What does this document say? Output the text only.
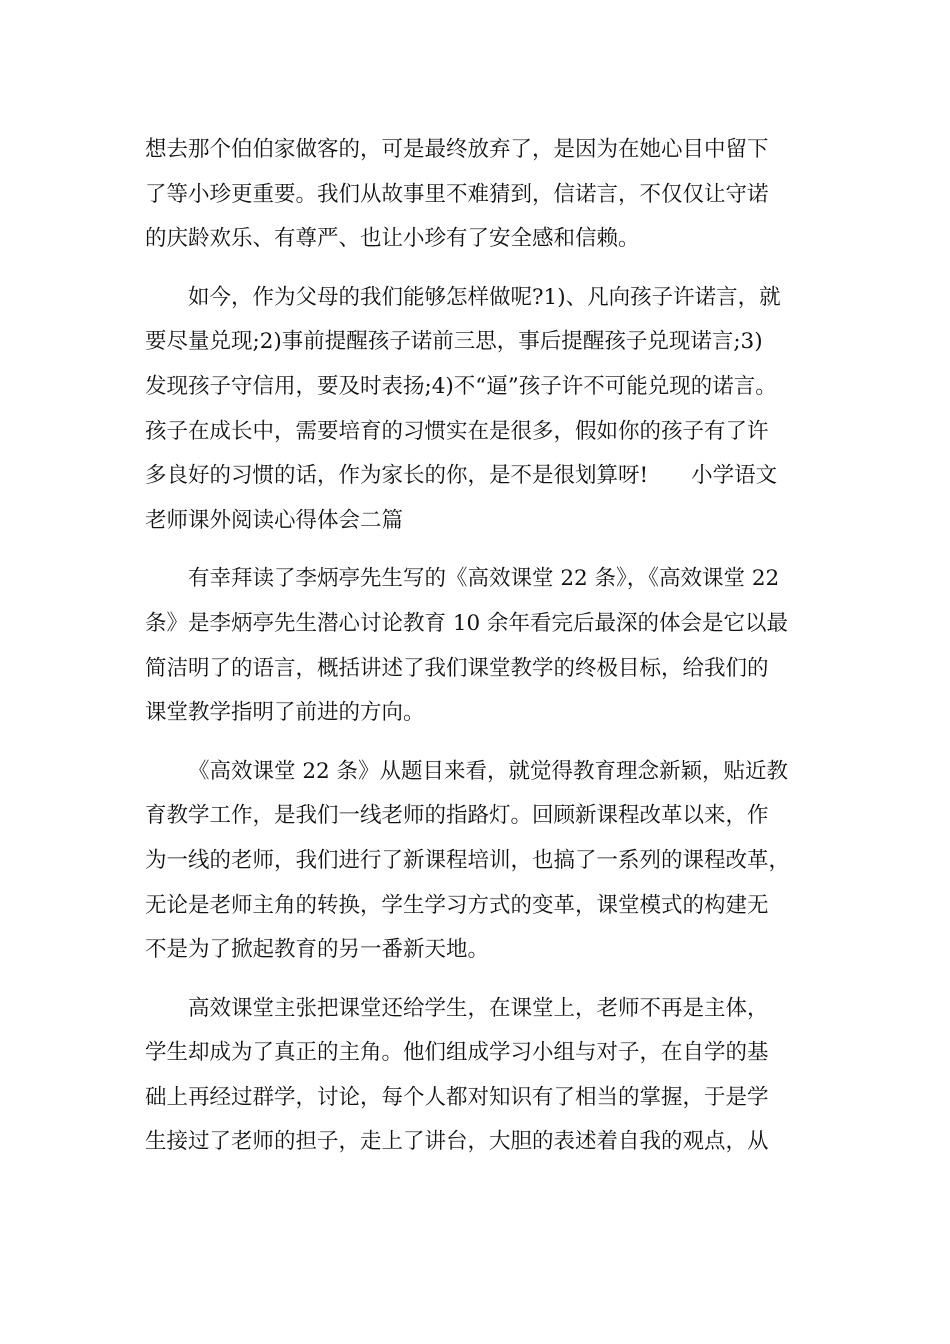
想去那个伯伯家做客的，可是最终放弃了，是因为在她心目中留下
了等小珍更重要。我们从故事里不难猜到，信诺言，不仅仅让守诺
的庆龄欢乐、有尊严、也让小珍有了安全感和信赖。
如今，作为父母的我们能够怎样做呢?1)、凡向孩子许诺言，就
要尽量兑现;2)事前提醒孩子诺前三思，事后提醒孩子兑现诺言;3)
发现孩子守信用，要及时表扬;4)不“逼”孩子许不可能兑现的诺言。
孩子在成长中，需要培育的习惯实在是很多，假如你的孩子有了许
多良好的习惯的话，作为家长的你，是不是很划算呀!　　小学语文
老师课外阅读心得体会二篇
有幸拜读了李炳亭先生写的《高效课堂 22 条》，《高效课堂 22
条》是李炳亭先生潜心讨论教育 10 余年看完后最深的体会是它以最
简洁明了的语言，概括讲述了我们课堂教学的终极目标，给我们的
课堂教学指明了前进的方向。
《高效课堂 22 条》从题目来看，就觉得教育理念新颖，贴近教
育教学工作，是我们一线老师的指路灯。回顾新课程改革以来，作
为一线的老师，我们进行了新课程培训，也搞了一系列的课程改革，
无论是老师主角的转换，学生学习方式的变革，课堂模式的构建无
不是为了掀起教育的另一番新天地。
高效课堂主张把课堂还给学生，在课堂上，老师不再是主体，
学生却成为了真正的主角。他们组成学习小组与对子，在自学的基
础上再经过群学，讨论，每个人都对知识有了相当的掌握，于是学
生接过了老师的担子，走上了讲台，大胆的表述着自我的观点，从
